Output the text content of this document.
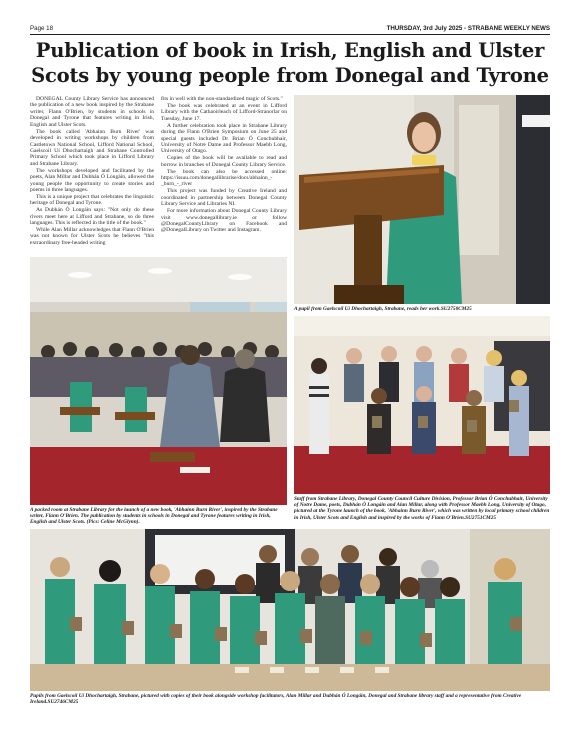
Page 18	THURSDAY, 3rd July 2025 - STRABANE WEEKLY NEWS
Publication of book in Irish, English and Ulster
Scots by young people from Donegal and Tyrone

DONEGAL County Library Service has announced the publication of a new book inspired by the Strabane writer, Flann O'Brien, by students in schools in Donegal and Tyrone that features writing in Irish, English and Ulster Scots.

The book called 'Abhainn Burn River' was developed in writing workshops by children from Castletown National School, Lifford National School, Gaelscoil Uí Dhochartaigh and Strabane Controlled Primary School which took place in Lifford Library and Strabane Library.

The workshops developed and facilitated by the poets, Alan Millar and Dubhán Ó Longáin, allowed the young people the opportunity to create stories and poems in three languages.

This is a unique project that celebrates the linguistic heritage of Donegal and Tyrone.

As Dubhán Ó Longáin says: "Not only do these rivers meet here at Lifford and Strabane, so do three languages. This is reflected in the title of the book."

While Alan Millar acknowledges that Flann O'Brien was not known for Ulster Scots he believes "this extraordinary free-headed writing

fits in well with the non-standardized magic of Scots."

The book was celebrated at an event in Lifford Library with the Cathaoirleach of Lifford-Stranorlar on Tuesday, June 17.

A further celebration took place in Strabane Library during the Flann O'Brien Symposium on June 25 and special guests included Dr Brian Ó Conchubhair, University of Notre Dame and Professor Maebh Long, University of Otago.

Copies of the book will be available to read and borrow in branches of Donegal County Library Service.

The book can also be accessed online: https://issuu.com/donegallibrarise/docs/abhainn_-_burn_-_river

This project was funded by Creative Ireland and coordinated in partnership between Donegal County Library Service and Libraries NI.

For more information about Donegal County Library visit www.donegallibrary.ie or follow @DonegalCountyLibrary on Facebook and @DonegalLibrary on Twitter and Instagram.

A pupil from Gaelscoil Uí Dhochartaigh, Strabane, reads her work.SU2750CM25
A packed room at Strabane Library for the launch of a new book, 'Abhainn Burn River', inspired by the Strabane writer, Flann O'Brien. The publication by students in schools in Donegal and Tyrone features writing in Irish, English and Ulster Scots. (Pics: Celine McGlynn).
Staff from Strabane Library, Donegal County Council Culture Division, Professor Brian Ó Conchubhair, University of Notre Dame, poets, Dubhán Ó Longáin and Alan Millar, along with Professor Maebh Long, University of Otago, pictured at the Tyrone launch of the book, 'Abhainn Burn River', which was written by local primary school children in Irish, Ulster Scots and English and inspired by the works of Flann O'Brien.SU2751CM25
Pupils from Gaelscoil Uí Dhochartaigh, Strabane, pictured with copies of their book alongside workshop facilitators, Alan Millar and Dubhán Ó Longáin, Donegal and Strabane library staff and a representative from Creative Ireland.SU2746CM25
